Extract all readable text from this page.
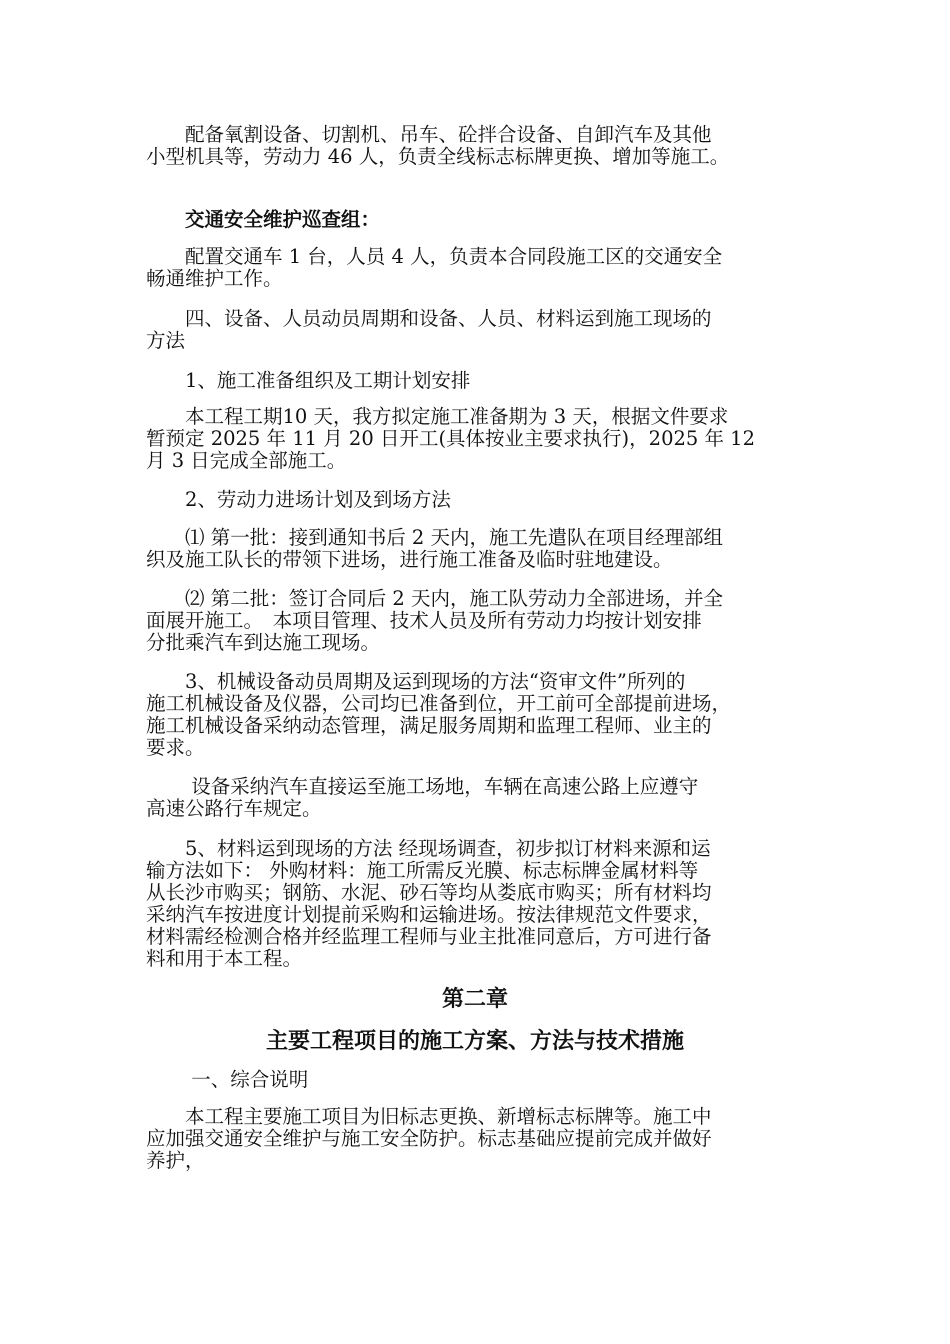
　　配备氧割设备、切割机、吊车、砼拌合设备、自卸汽车及其他
小型机具等，劳动力 46 人，负责全线标志标牌更换、增加等施工。
　　交通安全维护巡查组：
　　配置交通车 1 台，人员 4 人，负责本合同段施工区的交通安全
畅通维护工作。
　　四、设备、人员动员周期和设备、人员、材料运到施工现场的
方法
　　1、施工准备组织及工期计划安排
　　本工程工期10 天，我方拟定施工准备期为 3 天，根据文件要求
暂预定 2025 年 11 月 20 日开工(具体按业主要求执行)，2025 年 12
月 3 日完成全部施工。
　　2、劳动力进场计划及到场方法
　　⑴ 第一批：接到通知书后 2 天内，施工先遣队在项目经理部组
织及施工队长的带领下进场，进行施工准备及临时驻地建设。
　　⑵ 第二批：签订合同后 2 天内，施工队劳动力全部进场，并全
面展开施工。　本项目管理、技术人员及所有劳动力均按计划安排
分批乘汽车到达施工现场。
　　3、机械设备动员周期及运到现场的方法“资审文件”所列的
施工机械设备及仪器，公司均已准备到位，开工前可全部提前进场，
施工机械设备采纳动态管理，满足服务周期和监理工程师、业主的
要求。
　　 设备采纳汽车直接运至施工场地，车辆在高速公路上应遵守
高速公路行车规定。
　　5、材料运到现场的方法 经现场调查，初步拟订材料来源和运
输方法如下： 外购材料：施工所需反光膜、标志标牌金属材料等
从长沙市购买；钢筋、水泥、砂石等均从娄底市购买；所有材料均
采纳汽车按进度计划提前采购和运输进场。按法律规范文件要求，
材料需经检测合格并经监理工程师与业主批准同意后，方可进行备
料和用于本工程。
第二章
主要工程项目的施工方案、方法与技术措施
　　 一、综合说明
　　本工程主要施工项目为旧标志更换、新增标志标牌等。施工中
应加强交通安全维护与施工安全防护。标志基础应提前完成并做好
养护，
